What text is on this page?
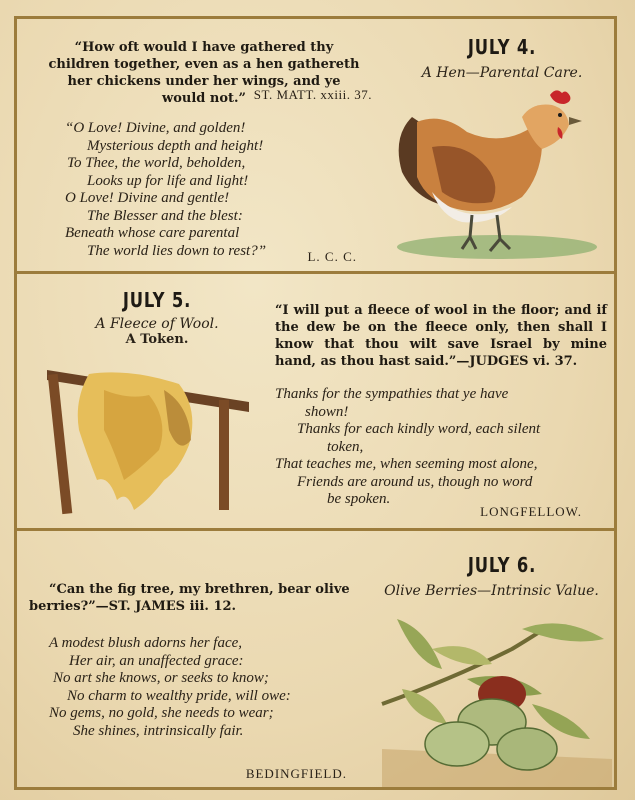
“How oft would I have gathered thy children together, even as a hen gathereth her chickens under her wings, and ye would not.” ST. MATT. xxiii. 37.

“O Love! Divine, and golden!
Mysterious depth and height!
To Thee, the world, beholden,
Looks up for life and light!
O Love! Divine and gentle!
The Blesser and the blest:
Beneath whose care parental
The world lies down to rest?”	L. C. C.

JULY 4.

A Hen—Parental Care.

JULY 5.

A Fleece of Wool.

A Token.

“I will put a fleece of wool in the floor; and if the dew be on the fleece only, then shall I know that thou wilt save Israel by mine hand, as thou hast said.”—JUDGES vi. 37.

Thanks for the sympathies that ye have
shown!
Thanks for each kindly word, each silent
token,
That teaches me, when seeming most alone,
Friends are around us, though no word
be spoken.

LONGFELLOW.

JULY 6.

Olive Berries—Intrinsic Value.

“Can the fig tree, my brethren, bear olive berries?”—ST. JAMES iii. 12.

A modest blush adorns her face,
Her air, an unaffected grace:
No art she knows, or seeks to know;
No charm to wealthy pride, will owe:
No gems, no gold, she needs to wear;
She shines, intrinsically fair.

BEDINGFIELD.
